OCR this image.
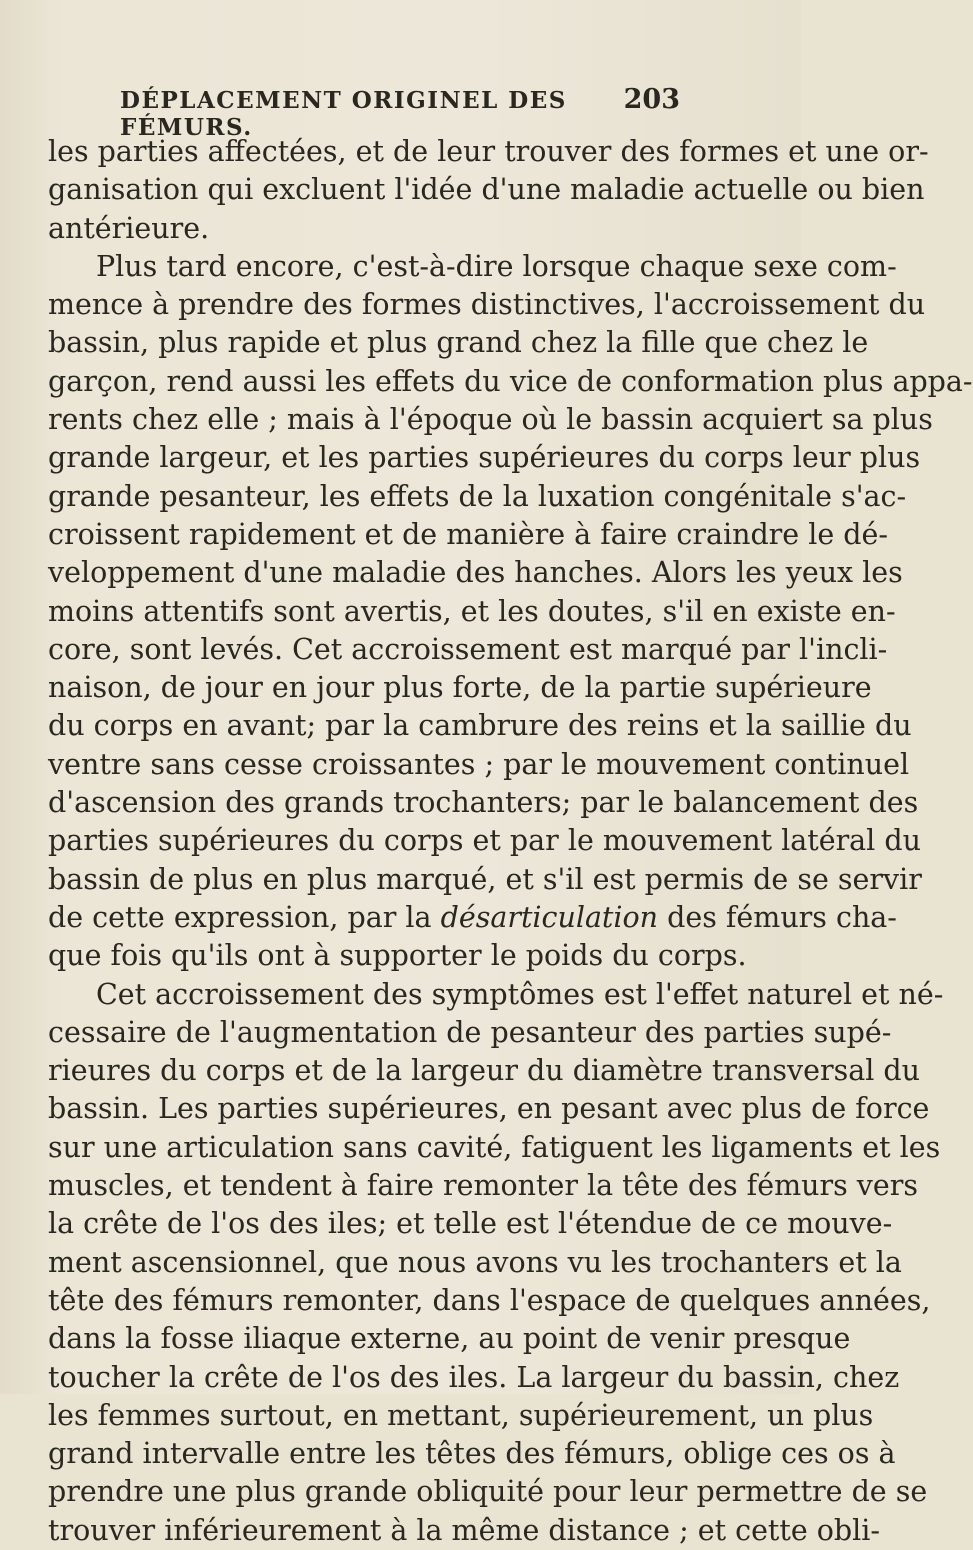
DÉPLACEMENT ORIGINEL DES FÉMURS.
203
les parties affectées, et de leur trouver des formes et une or-
ganisation qui excluent l'idée d'une maladie actuelle ou bien
antérieure.
Plus tard encore, c'est-à-dire lorsque chaque sexe com-
mence à prendre des formes distinctives, l'accroissement du
bassin, plus rapide et plus grand chez la fille que chez le
garçon, rend aussi les effets du vice de conformation plus appa-
rents chez elle ; mais à l'époque où le bassin acquiert sa plus
grande largeur, et les parties supérieures du corps leur plus
grande pesanteur, les effets de la luxation congénitale s'ac-
croissent rapidement et de manière à faire craindre le dé-
veloppement d'une maladie des hanches. Alors les yeux les
moins attentifs sont avertis, et les doutes, s'il en existe en-
core, sont levés. Cet accroissement est marqué par l'incli-
naison, de jour en jour plus forte, de la partie supérieure
du corps en avant; par la cambrure des reins et la saillie du
ventre sans cesse croissantes ; par le mouvement continuel
d'ascension des grands trochanters; par le balancement des
parties supérieures du corps et par le mouvement latéral du
bassin de plus en plus marqué, et s'il est permis de se servir
de cette expression, par la désarticulation des fémurs cha-
que fois qu'ils ont à supporter le poids du corps.
Cet accroissement des symptômes est l'effet naturel et né-
cessaire de l'augmentation de pesanteur des parties supé-
rieures du corps et de la largeur du diamètre transversal du
bassin. Les parties supérieures, en pesant avec plus de force
sur une articulation sans cavité, fatiguent les ligaments et les
muscles, et tendent à faire remonter la tête des fémurs vers
la crête de l'os des iles; et telle est l'étendue de ce mouve-
ment ascensionnel, que nous avons vu les trochanters et la
tête des fémurs remonter, dans l'espace de quelques années,
dans la fosse iliaque externe, au point de venir presque
toucher la crête de l'os des iles. La largeur du bassin, chez
les femmes surtout, en mettant, supérieurement, un plus
grand intervalle entre les têtes des fémurs, oblige ces os à
prendre une plus grande obliquité pour leur permettre de se
trouver inférieurement à la même distance ; et cette obli-
